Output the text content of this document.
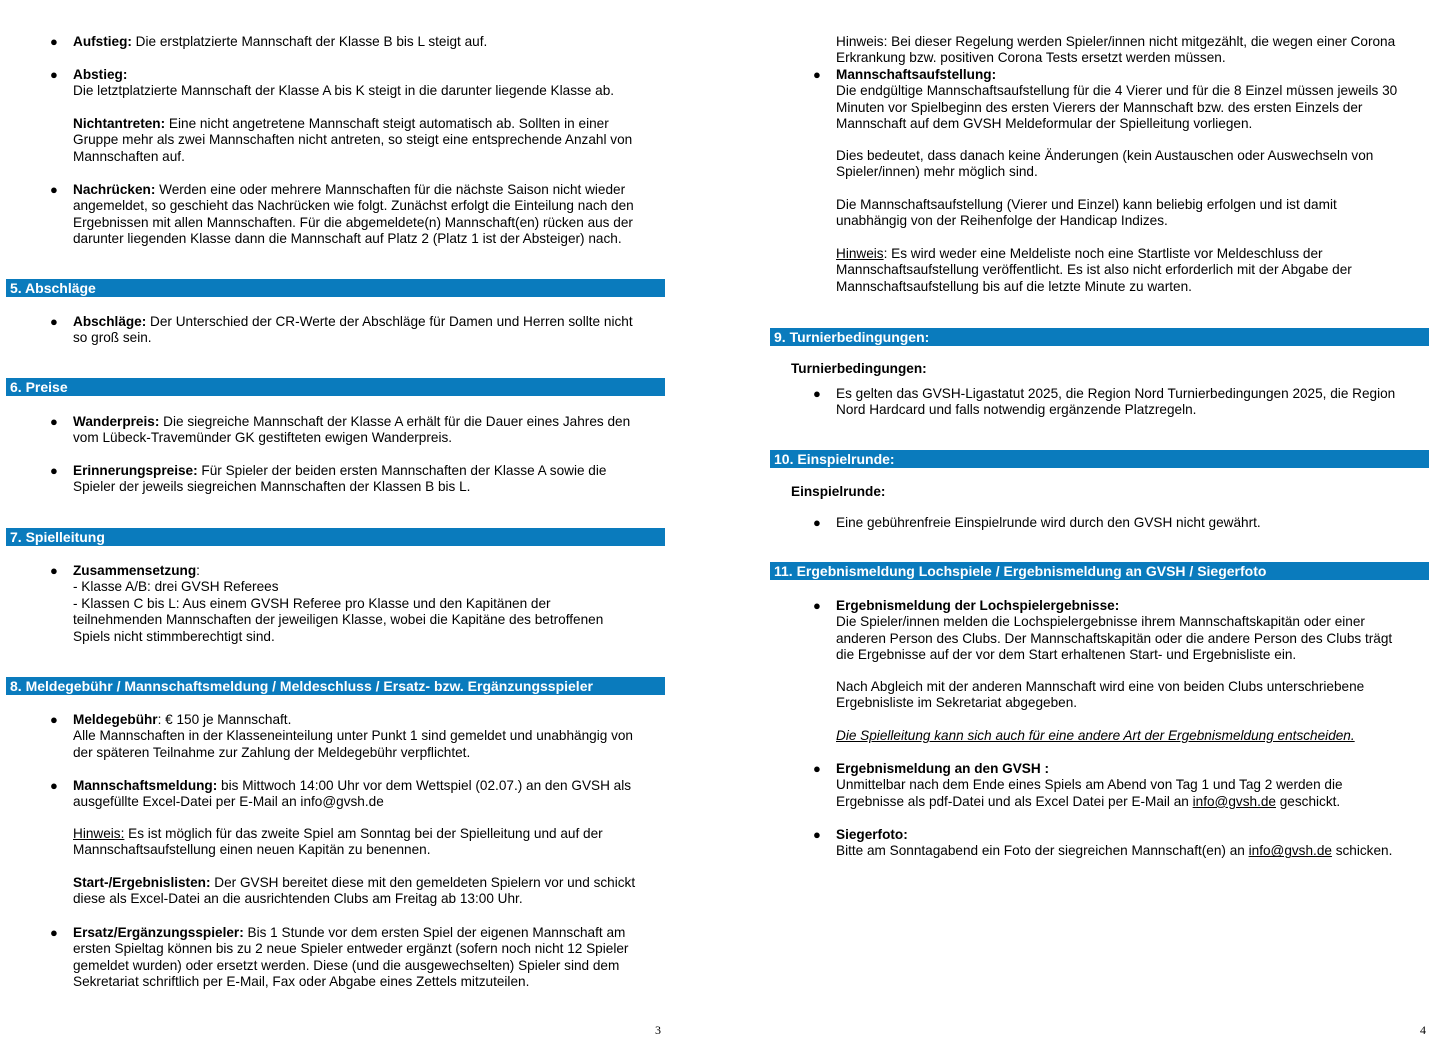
● Aufstieg: Die erstplatzierte Mannschaft der Klasse B bis L steigt auf.
● Abstieg:
Die letztplatzierte Mannschaft der Klasse A bis K steigt in die darunter liegende Klasse ab.
Nichtantreten: Eine nicht angetretene Mannschaft steigt automatisch ab. Sollten in einer
Gruppe mehr als zwei Mannschaften nicht antreten, so steigt eine entsprechende Anzahl von
Mannschaften auf.
● Nachrücken: Werden eine oder mehrere Mannschaften für die nächste Saison nicht wieder
angemeldet, so geschieht das Nachrücken wie folgt. Zunächst erfolgt die Einteilung nach den
Ergebnissen mit allen Mannschaften. Für die abgemeldete(n) Mannschaft(en) rücken aus der
darunter liegenden Klasse dann die Mannschaft auf Platz 2 (Platz 1 ist der Absteiger) nach.
5. Abschläge
● Abschläge: Der Unterschied der CR-Werte der Abschläge für Damen und Herren sollte nicht
so groß sein.
6. Preise
● Wanderpreis: Die siegreiche Mannschaft der Klasse A erhält für die Dauer eines Jahres den
vom Lübeck-Travemünder GK gestifteten ewigen Wanderpreis.
● Erinnerungspreise: Für Spieler der beiden ersten Mannschaften der Klasse A sowie die
Spieler der jeweils siegreichen Mannschaften der Klassen B bis L.
7. Spielleitung
● Zusammensetzung:
- Klasse A/B: drei GVSH Referees
- Klassen C bis L: Aus einem GVSH Referee pro Klasse und den Kapitänen der
teilnehmenden Mannschaften der jeweiligen Klasse, wobei die Kapitäne des betroffenen
Spiels nicht stimmberechtigt sind.
8. Meldegebühr / Mannschaftsmeldung / Meldeschluss / Ersatz- bzw. Ergänzungsspieler
● Meldegebühr: € 150 je Mannschaft.
Alle Mannschaften in der Klasseneinteilung unter Punkt 1 sind gemeldet und unabhängig von
der späteren Teilnahme zur Zahlung der Meldegebühr verpflichtet.
● Mannschaftsmeldung: bis Mittwoch 14:00 Uhr vor dem Wettspiel (02.07.) an den GVSH als
ausgefüllte Excel-Datei per E-Mail an info@gvsh.de
Hinweis: Es ist möglich für das zweite Spiel am Sonntag bei der Spielleitung und auf der
Mannschaftsaufstellung einen neuen Kapitän zu benennen.
Start-/Ergebnislisten: Der GVSH bereitet diese mit den gemeldeten Spielern vor und schickt
diese als Excel-Datei an die ausrichtenden Clubs am Freitag ab 13:00 Uhr.
● Ersatz/Ergänzungsspieler: Bis 1 Stunde vor dem ersten Spiel der eigenen Mannschaft am
ersten Spieltag können bis zu 2 neue Spieler entweder ergänzt (sofern noch nicht 12 Spieler
gemeldet wurden) oder ersetzt werden. Diese (und die ausgewechselten) Spieler sind dem
Sekretariat schriftlich per E-Mail, Fax oder Abgabe eines Zettels mitzuteilen.
3
Hinweis: Bei dieser Regelung werden Spieler/innen nicht mitgezählt, die wegen einer Corona
Erkrankung bzw. positiven Corona Tests ersetzt werden müssen.
● Mannschaftsaufstellung:
Die endgültige Mannschaftsaufstellung für die 4 Vierer und für die 8 Einzel müssen jeweils 30
Minuten vor Spielbeginn des ersten Vierers der Mannschaft bzw. des ersten Einzels der
Mannschaft auf dem GVSH Meldeformular der Spielleitung vorliegen.
Dies bedeutet, dass danach keine Änderungen (kein Austauschen oder Auswechseln von
Spieler/innen) mehr möglich sind.
Die Mannschaftsaufstellung (Vierer und Einzel) kann beliebig erfolgen und ist damit
unabhängig von der Reihenfolge der Handicap Indizes.
Hinweis: Es wird weder eine Meldeliste noch eine Startliste vor Meldeschluss der
Mannschaftsaufstellung veröffentlicht. Es ist also nicht erforderlich mit der Abgabe der
Mannschaftsaufstellung bis auf die letzte Minute zu warten.
9. Turnierbedingungen:
Turnierbedingungen:
● Es gelten das GVSH-Ligastatut 2025, die Region Nord Turnierbedingungen 2025, die Region
Nord Hardcard und falls notwendig ergänzende Platzregeln.
10. Einspielrunde:
Einspielrunde:
● Eine gebührenfreie Einspielrunde wird durch den GVSH nicht gewährt.
11. Ergebnismeldung Lochspiele / Ergebnismeldung an GVSH / Siegerfoto
● Ergebnismeldung der Lochspielergebnisse:
Die Spieler/innen melden die Lochspielergebnisse ihrem Mannschaftskapitän oder einer
anderen Person des Clubs. Der Mannschaftskapitän oder die andere Person des Clubs trägt
die Ergebnisse auf der vor dem Start erhaltenen Start- und Ergebnisliste ein.
Nach Abgleich mit der anderen Mannschaft wird eine von beiden Clubs unterschriebene
Ergebnisliste im Sekretariat abgegeben.
Die Spielleitung kann sich auch für eine andere Art der Ergebnismeldung entscheiden.
● Ergebnismeldung an den GVSH :
Unmittelbar nach dem Ende eines Spiels am Abend von Tag 1 und Tag 2 werden die
Ergebnisse als pdf-Datei und als Excel Datei per E-Mail an info@gvsh.de geschickt.
● Siegerfoto:
Bitte am Sonntagabend ein Foto der siegreichen Mannschaft(en) an info@gvsh.de schicken.
4
